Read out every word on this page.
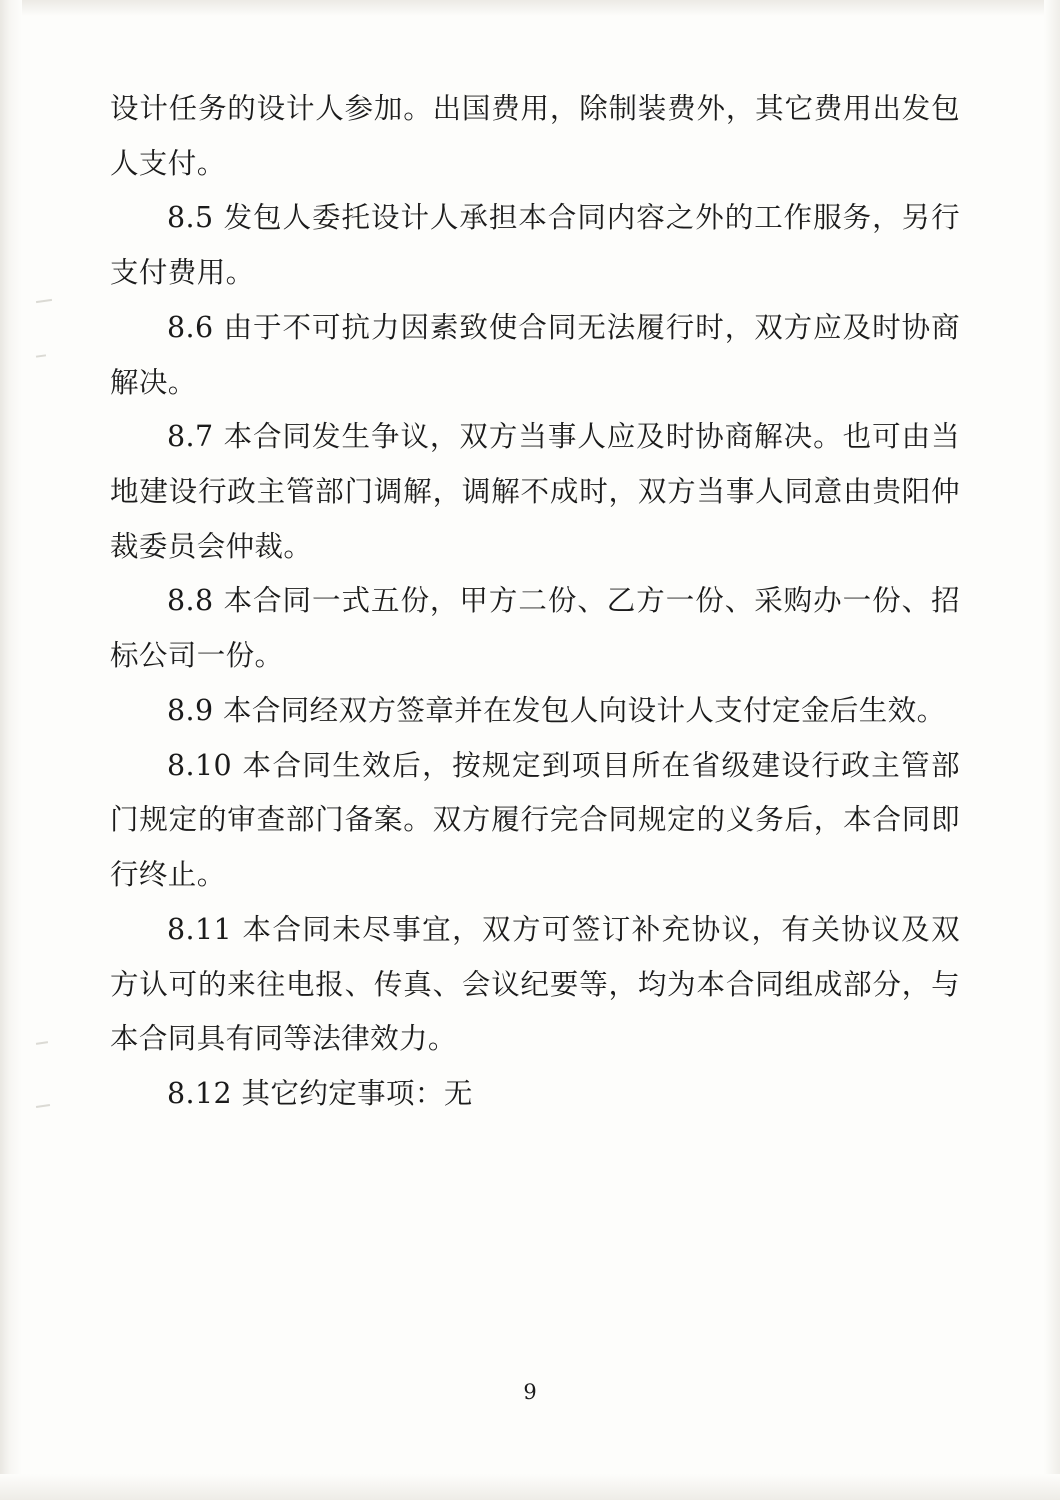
设计任务的设计人参加。出国费用，除制装费外，其它费用出发包人支付。

8.5 发包人委托设计人承担本合同内容之外的工作服务，另行支付费用。

8.6 由于不可抗力因素致使合同无法履行时，双方应及时协商解决。

8.7 本合同发生争议，双方当事人应及时协商解决。也可由当地建设行政主管部门调解，调解不成时，双方当事人同意由贵阳仲裁委员会仲裁。

8.8 本合同一式五份，甲方二份、乙方一份、采购办一份、招标公司一份。

8.9 本合同经双方签章并在发包人向设计人支付定金后生效。

8.10 本合同生效后，按规定到项目所在省级建设行政主管部门规定的审查部门备案。双方履行完合同规定的义务后，本合同即行终止。

8.11 本合同未尽事宜，双方可签订补充协议，有关协议及双方认可的来往电报、传真、会议纪要等，均为本合同组成部分，与本合同具有同等法律效力。

8.12 其它约定事项：无

9
